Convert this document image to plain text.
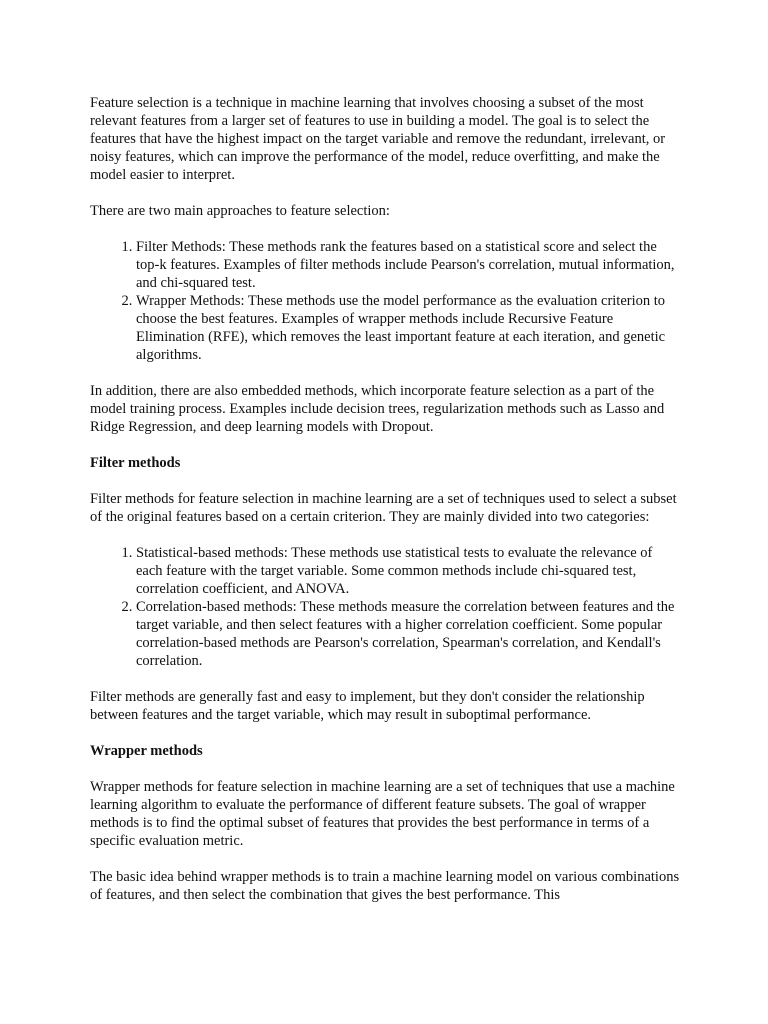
Feature selection is a technique in machine learning that involves choosing a subset of the most relevant features from a larger set of features to use in building a model. The goal is to select the features that have the highest impact on the target variable and remove the redundant, irrelevant, or noisy features, which can improve the performance of the model, reduce overfitting, and make the model easier to interpret.

There are two main approaches to feature selection:

1. Filter Methods: These methods rank the features based on a statistical score and select the top-k features. Examples of filter methods include Pearson's correlation, mutual information, and chi-squared test.
2. Wrapper Methods: These methods use the model performance as the evaluation criterion to choose the best features. Examples of wrapper methods include Recursive Feature Elimination (RFE), which removes the least important feature at each iteration, and genetic algorithms.

In addition, there are also embedded methods, which incorporate feature selection as a part of the model training process. Examples include decision trees, regularization methods such as Lasso and Ridge Regression, and deep learning models with Dropout.

Filter methods

Filter methods for feature selection in machine learning are a set of techniques used to select a subset of the original features based on a certain criterion. They are mainly divided into two categories:

1. Statistical-based methods: These methods use statistical tests to evaluate the relevance of each feature with the target variable. Some common methods include chi-squared test, correlation coefficient, and ANOVA.
2. Correlation-based methods: These methods measure the correlation between features and the target variable, and then select features with a higher correlation coefficient. Some popular correlation-based methods are Pearson's correlation, Spearman's correlation, and Kendall's correlation.

Filter methods are generally fast and easy to implement, but they don't consider the relationship between features and the target variable, which may result in suboptimal performance.

Wrapper methods

Wrapper methods for feature selection in machine learning are a set of techniques that use a machine learning algorithm to evaluate the performance of different feature subsets. The goal of wrapper methods is to find the optimal subset of features that provides the best performance in terms of a specific evaluation metric.

The basic idea behind wrapper methods is to train a machine learning model on various combinations of features, and then select the combination that gives the best performance. This
